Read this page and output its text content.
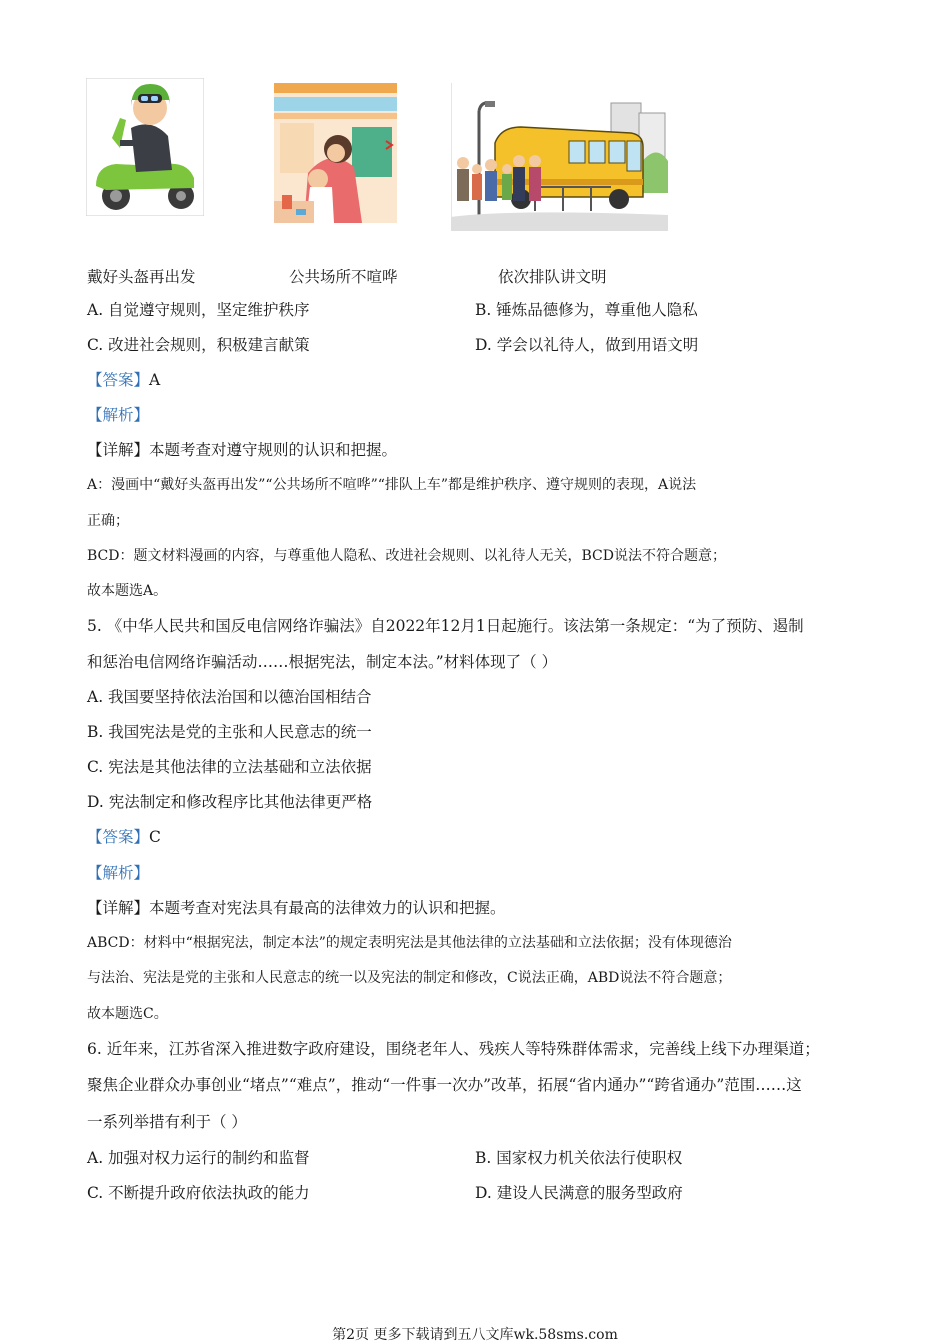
戴好头盔再出发	公共场所不喧哗	依次排队讲文明
A. 自觉遵守规则，坚定维护秩序	B. 锤炼品德修为，尊重他人隐私
C. 改进社会规则，积极建言献策	D. 学会以礼待人，做到用语文明
【答案】A
【解析】
【详解】本题考查对遵守规则的认识和把握。
A：漫画中“戴好头盔再出发”“公共场所不喧哗”“排队上车”都是维护秩序、遵守规则的表现，A说法
正确；
BCD：题文材料漫画的内容，与尊重他人隐私、改进社会规则、以礼待人无关，BCD说法不符合题意；
故本题选A。
5. 《中华人民共和国反电信网络诈骗法》自2022年12月1日起施行。该法第一条规定：“为了预防、遏制
和惩治电信网络诈骗活动……根据宪法，制定本法。”材料体现了（ ）
A. 我国要坚持依法治国和以德治国相结合
B. 我国宪法是党的主张和人民意志的统一
C. 宪法是其他法律的立法基础和立法依据
D. 宪法制定和修改程序比其他法律更严格
【答案】C
【解析】
【详解】本题考查对宪法具有最高的法律效力的认识和把握。
ABCD：材料中“根据宪法，制定本法”的规定表明宪法是其他法律的立法基础和立法依据；没有体现德治
与法治、宪法是党的主张和人民意志的统一以及宪法的制定和修改，C说法正确，ABD说法不符合题意；
故本题选C。
6. 近年来，江苏省深入推进数字政府建设，围绕老年人、残疾人等特殊群体需求，完善线上线下办理渠道；
聚焦企业群众办事创业“堵点”“难点”，推动“一件事一次办”改革，拓展“省内通办”“跨省通办”范围……这
一系列举措有利于（ ）
A. 加强对权力运行的制约和监督	B. 国家权力机关依法行使职权
C. 不断提升政府依法执政的能力	D. 建设人民满意的服务型政府
第2页 更多下载请到五八文库wk.58sms.com
